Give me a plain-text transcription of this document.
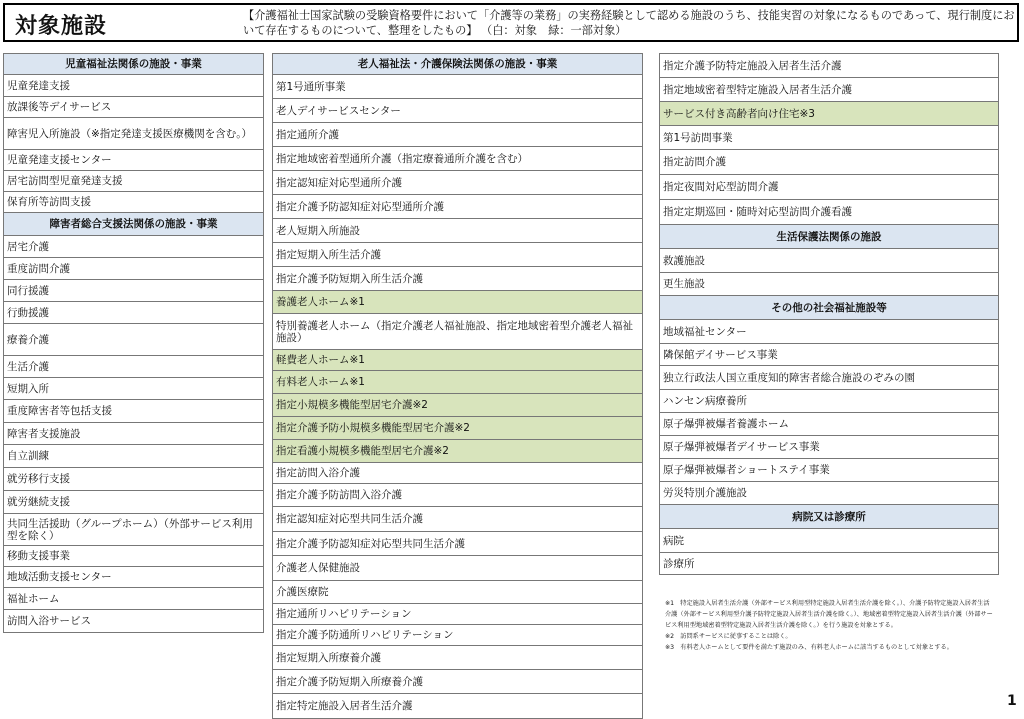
対象施設	【介護福祉士国家試験の受験資格要件において「介護等の業務」の実務経験として認める施設のうち、技能実習の対象になるものであって、現行制度において存在するものについて、整理をしたもの】 （白：対象　緑：一部対象）
児童福祉法関係の施設・事業
児童発達支援
放課後等デイサービス
障害児入所施設（※指定発達支援医療機関を含む。）
児童発達支援センター
居宅訪問型児童発達支援
保育所等訪問支援
障害者総合支援法関係の施設・事業
居宅介護
重度訪問介護
同行援護
行動援護
療養介護
生活介護
短期入所
重度障害者等包括支援
障害者支援施設
自立訓練
就労移行支援
就労継続支援
共同生活援助（グループホーム）（外部サービス利用型を除く）
移動支援事業
地域活動支援センター
福祉ホーム
訪問入浴サービス
老人福祉法・介護保険法関係の施設・事業
第1号通所事業
老人デイサービスセンター
指定通所介護
指定地域密着型通所介護（指定療養通所介護を含む）
指定認知症対応型通所介護
指定介護予防認知症対応型通所介護
老人短期入所施設
指定短期入所生活介護
指定介護予防短期入所生活介護
養護老人ホーム※1
特別養護老人ホーム（指定介護老人福祉施設、指定地域密着型介護老人福祉施設）
軽費老人ホーム※1
有料老人ホーム※1
指定小規模多機能型居宅介護※2
指定介護予防小規模多機能型居宅介護※2
指定看護小規模多機能型居宅介護※2
指定訪問入浴介護
指定介護予防訪問入浴介護
指定認知症対応型共同生活介護
指定介護予防認知症対応型共同生活介護
介護老人保健施設
介護医療院
指定通所リハビリテーション
指定介護予防通所リハビリテーション
指定短期入所療養介護
指定介護予防短期入所療養介護
指定特定施設入居者生活介護
指定介護予防特定施設入居者生活介護
指定地域密着型特定施設入居者生活介護
サービス付き高齢者向け住宅※3
第1号訪問事業
指定訪問介護
指定夜間対応型訪問介護
指定定期巡回・随時対応型訪問介護看護
生活保護法関係の施設
救護施設
更生施設
その他の社会福祉施設等
地域福祉センター
隣保館デイサービス事業
独立行政法人国立重度知的障害者総合施設のぞみの園
ハンセン病療養所
原子爆弾被爆者養護ホーム
原子爆弾被爆者デイサービス事業
原子爆弾被爆者ショートステイ事業
労災特別介護施設
病院又は診療所
病院
診療所
※1　特定施設入居者生活介護（外部サービス利用型特定施設入居者生活介護を除く。）、介護予防特定施設入居者生活 介護（外部サービス利用型介護予防特定施設入居者生活介護を除く。）、地域密着型特定施設入居者生活介護（外部サービス利用型地域密着型特定施設入居者生活介護を除く。）を行う施設を対象とする。
※2　訪問系サービスに従事することは除く。
※3　有料老人ホームとして要件を満たす施設のみ、有料老人ホームに該当するものとして対象とする。
1
